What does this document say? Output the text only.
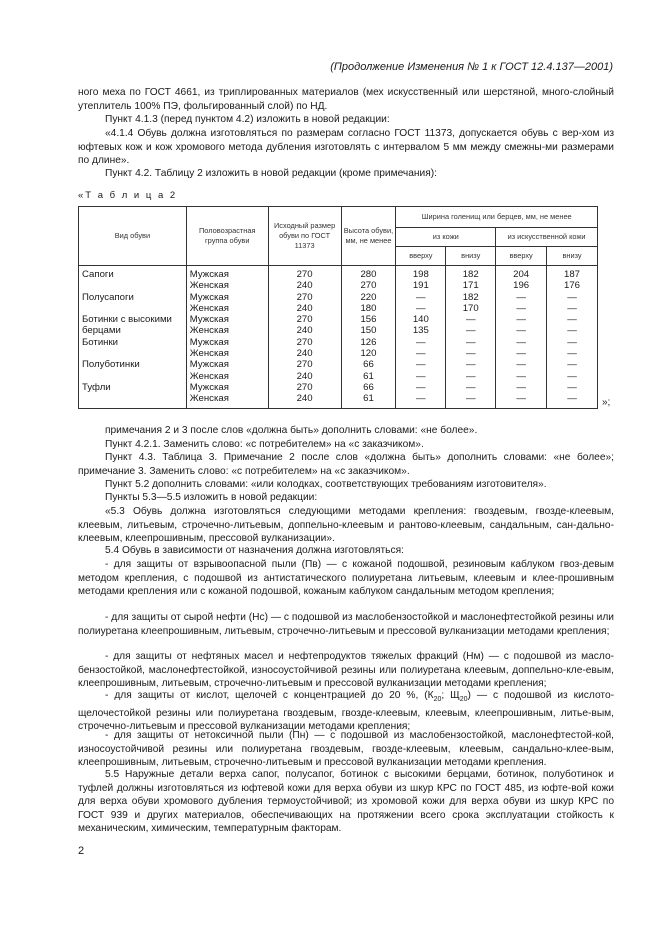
(Продолжение Изменения № 1 к ГОСТ 12.4.137—2001)

ного меха по ГОСТ 4661, из триплированных материалов (мех искусственный или шерстяной, много-слойный утеплитель 100% ПЭ, фольгированный слой) по НД.

Пункт 4.1.3 (перед пунктом 4.2) изложить в новой редакции:

«4.1.4 Обувь должна изготовляться по размерам согласно ГОСТ 11373, допускается обувь с вер-хом из юфтевых кож и кож хромового метода дубления изготовлять с интервалом 5 мм между смежны-ми размерами по длине».

Пункт 4.2. Таблицу 2 изложить в новой редакции (кроме примечания):

«Т а б л и ц а 2
Вид обуви	Половозрастная группа обуви	Исходный размер обуви по ГОСТ 11373	Высота обуви, мм, не менее	Ширина голенищ или берцев, мм, не менее			
				из кожи		из искусственной кожи	
				вверху	внизу	вверху	внизу
Сапоги	Мужская	270	280	198	182	204	187
	Женская	240	270	191	171	196	176
Полусапоги	Мужская	270	220	—	182	—	—
	Женская	240	180	—	170	—	—
Ботинки с высокими	Мужская	270	156	140	—	—	—
берцами	Женская	240	150	135	—	—	—
Ботинки	Мужская	270	126	—	—	—	—
	Женская	240	120	—	—	—	—
Полуботинки	Мужская	270	66	—	—	—	—
	Женская	240	61	—	—	—	—
Туфли	Мужская	270	66	—	—	—	—
	Женская	240	61	—	—	—	—	»;

примечания 2 и 3 после слов «должна быть» дополнить словами: «не более».

Пункт 4.2.1. Заменить слово: «с потребителем» на «с заказчиком».

Пункт 4.3. Таблица 3. Примечание 2 после слов «должна быть» дополнить словами: «не более»; примечание 3. Заменить слово: «с потребителем» на «с заказчиком».

Пункт 5.2 дополнить словами: «или колодках, соответствующих требованиям изготовителя».

Пункты 5.3—5.5 изложить в новой редакции:

«5.3 Обувь должна изготовляться следующими методами крепления: гвоздевым, гвозде-клеевым, клеевым, литьевым, строчечно-литьевым, доппельно-клеевым и рантово-клеевым, сандальным, сан-дально-клеевым, клеепрошивным, прессовой вулканизации».

5.4 Обувь в зависимости от назначения должна изготовляться:

- для защиты от взрывоопасной пыли (Пв) — с кожаной подошвой, резиновым каблуком гвоз-девым методом крепления, с подошвой из антистатического полиуретана литьевым, клеевым и клее-прошивным методами крепления или с кожаной подошвой, кожаным каблуком сандальным методом крепления;

- для защиты от сырой нефти (Нс) — с подошвой из маслобензостойкой и маслонефтестойкой резины или полиуретана клеепрошивным, литьевым, строчечно-литьевым и прессовой вулканизации методами крепления;

- для защиты от нефтяных масел и нефтепродуктов тяжелых фракций (Нм) — с подошвой из масло-бензостойкой, маслонефтестойкой, износоустойчивой резины или полиуретана клеевым, доппельно-кле-евым, клеепрошивным, литьевым, строчечно-литьевым и прессовой вулканизации методами крепления;

- для защиты от кислот, щелочей с концентрацией до 20 %, ($К_{20}$; $Щ_{20}$) — с подошвой из кислото-щелочестойкой резины или полиуретана гвоздевым, гвозде-клеевым, клеевым, клеепрошивным, литье-вым, строчечно-литьевым и прессовой вулканизации методами крепления;

- для защиты от нетоксичной пыли (Пн) — с подошвой из маслобензостойкой, маслонефтестой-кой, износоустойчивой резины или полиуретана гвоздевым, гвозде-клеевым, клеевым, сандально-клее-вым, клеепрошивным, литьевым, строчечно-литьевым и прессовой вулканизации методами крепления.

5.5 Наружные детали верха сапог, полусапог, ботинок с высокими берцами, ботинок, полуботинок и туфлей должны изготовляться из юфтевой кожи для верха обуви из шкур КРС по ГОСТ 485, из юфте-вой кожи для верха обуви хромового дубления термоустойчивой; из хромовой кожи для верха обуви из шкур КРС по ГОСТ 939 и других материалов, обеспечивающих на протяжении всего срока эксплуатации стойкость к механическим, химическим, температурным факторам.

2
